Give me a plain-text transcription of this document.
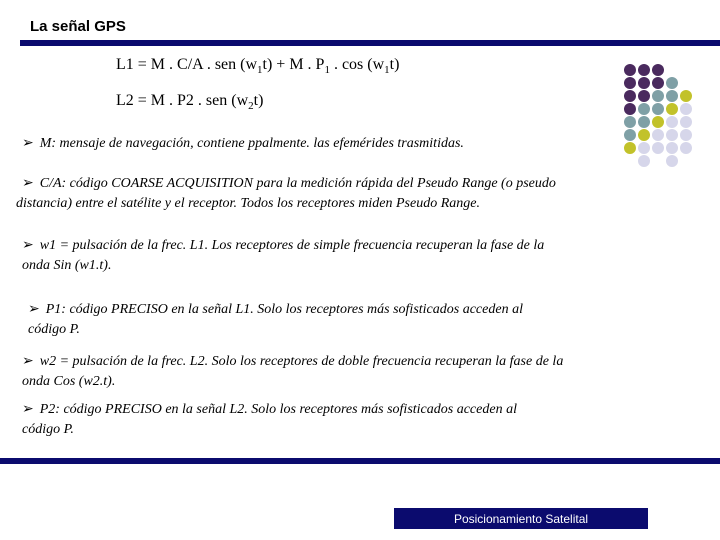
La señal GPS
L1 = M . C/A . sen $(w_1t) + M$ . $P_1$ . $\cos (w_1t)$
L2 = M . P2 . sen $(w_2t)$
➢ M: mensaje de navegación, contiene ppalmente. las efemérides trasmitidas.
➢ C/A: código COARSE ACQUISITION para la medición rápida del Pseudo Range (o pseudo
distancia) entre el satélite y el receptor. Todos los receptores miden Pseudo Range.
➢ w1 = pulsación de la frec. L1. Los receptores de simple frecuencia recuperan la fase de la
onda Sin (w1.t).
➢ P1: código PRECISO en la señal L1. Solo los receptores más sofisticados acceden al
código P.
➢ w2 = pulsación de la frec. L2. Solo los receptores de doble frecuencia recuperan la fase de la
onda Cos (w2.t).
➢ P2: código PRECISO en la señal L2. Solo los receptores más sofisticados acceden al
código P.
Posicionamiento Satelital
